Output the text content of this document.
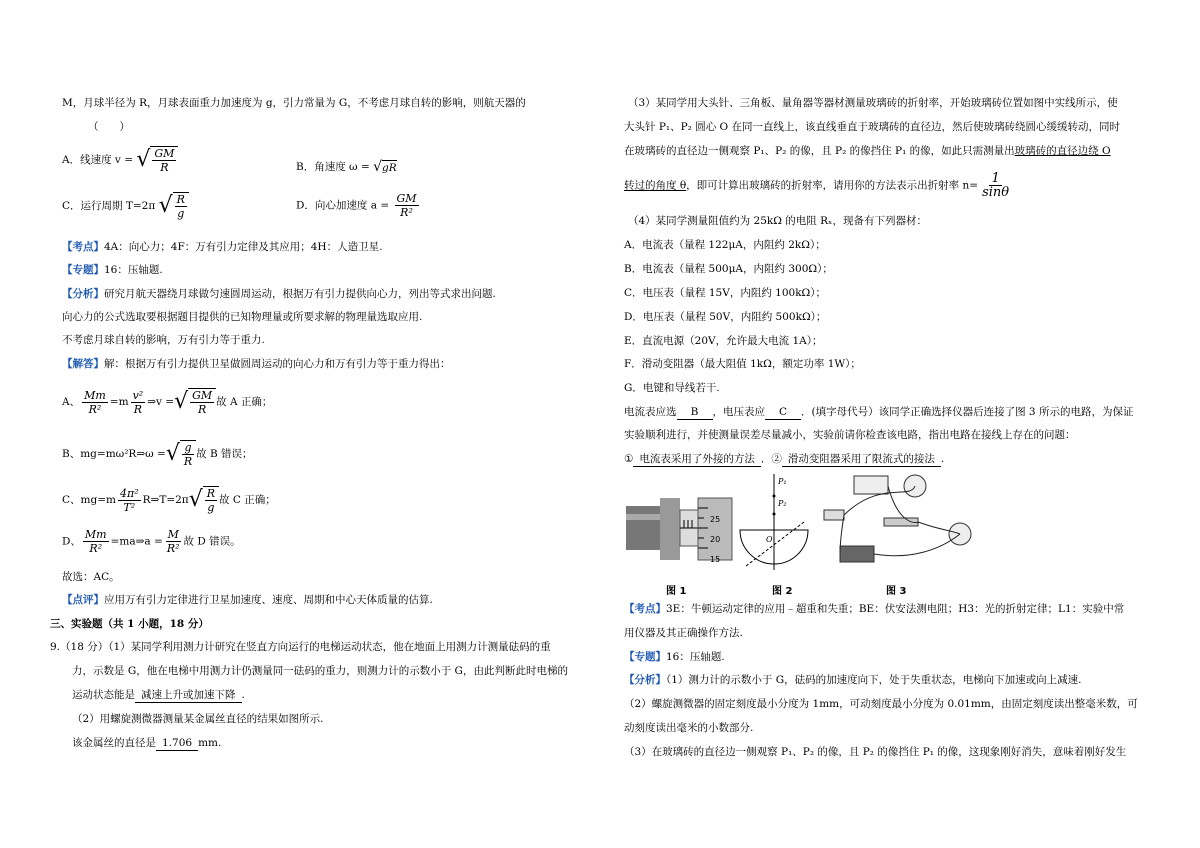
M，月球半径为 R，月球表面重力加速度为 g，引力常量为 G，不考虑月球自转的影响，则航天器的
（　　）
A．线速度 v = √ $\frac{GM}{R}$	B．角速度 ω = √ gR
C．运行周期 T=2π √ $\frac{R}{g}$	D．向心加速度 $a = \frac{GM}{\text{R²}}$
【考点】4A：向心力；4F：万有引力定律及其应用；4H：人造卫星.
【专题】16：压轴题.
【分析】研究月航天器绕月球做匀速圆周运动，根据万有引力提供向心力，列出等式求出问题.
向心力的公式选取要根据题目提供的已知物理量或所要求解的物理量选取应用.
不考虑月球自转的影响，万有引力等于重力.
【解答】解：根据万有引力提供卫星做圆周运动的向心力和万有引力等于重力得出：
A、 $\frac{Mm}{\text{R²}} =m \frac{\text{v²}}{R}$ ⇒v = √ $\frac{GM}{R}$ 故 A 正确；
B、mg=mω²R⇒ω = √ $\frac{g}{R}$ 故 B 错误；
C、$mg=m \frac{\text{4π²}}{\text{T²}}$ R⇒T=2π √ $\frac{R}{g}$ 故 C 正确；
D、 $\frac{Mm}{\text{R²}}$ =ma⇒a = $\frac{M}{\text{R²}}$ 故 D 错误。
故选：AC。
【点评】应用万有引力定律进行卫星加速度、速度、周期和中心天体质量的估算.
三、实验题（共 1 小题，18 分）
9.（18 分）（1）某同学利用测力计研究在竖直方向运行的电梯运动状态，他在地面上用测力计测量砝码的重
力，示数是 G，他在电梯中用测力计仍测量同一砝码的重力，则测力计的示数小于 G，由此判断此时电梯的
运动状态能是 减速上升或加速下降 .
（2）用螺旋测微器测量某金属丝直径的结果如图所示.
该金属丝的直径是 1.706 mm.
（3）某同学用大头针、三角板、量角器等器材测量玻璃砖的折射率，开始玻璃砖位置如图中实线所示，使
大头针 P₁、P₂ 圆心 O 在同一直线上，该直线垂直于玻璃砖的直径边，然后使玻璃砖绕圆心缓缓转动，同时
在玻璃砖的直径边一侧观察 P₁、P₂ 的像，且 P₂ 的像挡住 P₁ 的像，如此只需测量出玻璃砖的直径边绕 O
转过的角度 θ，即可计算出玻璃砖的折射率，请用你的方法表示出折射率 $n= \frac{1}{\sin\theta}$
（4）某同学测量阻值约为 25kΩ 的电阻 Rₓ，现备有下列器材：
A．电流表（量程 122μA，内阻约 2kΩ）；
B．电流表（量程 500μA，内阻约 300Ω）；
C．电压表（量程 15V，内阻约 100kΩ）；
D．电压表（量程 50V，内阻约 500kΩ）；
E．直流电源（20V，允许最大电流 1A）；
F．滑动变阻器（最大阻值 1kΩ，额定功率 1W）；
G．电键和导线若干.
电流表应选 B ，电压表应 C ．(填字母代号）该同学正确选择仪器后连接了图 3 所示的电路，为保证
实验顺利进行，并使测量误差尽量减小，实验前请你检查该电路，指出电路在接线上存在的问题：
① 电流表采用了外接的方法 ．② 滑动变阻器采用了限流式的接法 .
25
20
15
图 1
P₁
P₂
O
图 2	图 3
【考点】3E：牛顿运动定律的应用﹣超重和失重；BE：伏安法测电阻；H3：光的折射定律；L1：实验中常
用仪器及其正确操作方法.
【专题】16：压轴题.
【分析】（1）测力计的示数小于 G，砝码的加速度向下，处于失重状态，电梯向下加速或向上减速.
（2）螺旋测微器的固定刻度最小分度为 1mm，可动刻度最小分度为 0.01mm，由固定刻度读出整毫米数，可
动刻度读出毫米的小数部分.
（3）在玻璃砖的直径边一侧观察 P₁、P₂ 的像，且 P₂ 的像挡住 P₁ 的像，这现象刚好消失，意味着刚好发生
